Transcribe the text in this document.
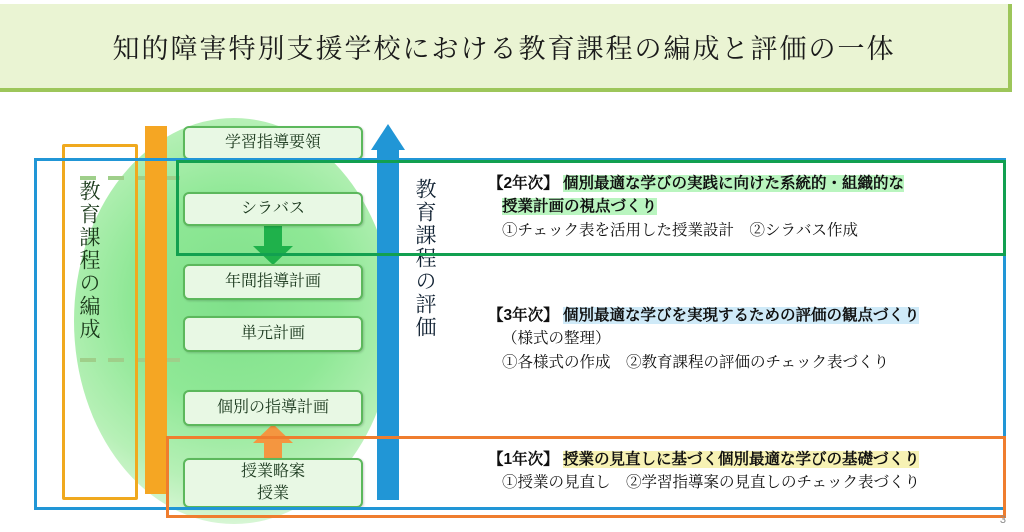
知的障害特別支援学校における教育課程の編成と評価の一体
学習指導要領
シラバス
年間指導計画
単元計画
個別の指導計画
授業略案
授業
教育課程の編成	教育課程の評価	【2年次】 個別最適な学びの実践に向けた系統的・組織的な
授業計画の視点づくり
①チェック表を活用した授業設計　②シラバス作成
【3年次】 個別最適な学びを実現するための評価の観点づくり
（様式の整理）
①各様式の作成　②教育課程の評価のチェック表づくり
【1年次】 授業の見直しに基づく個別最適な学びの基礎づくり
①授業の見直し　②学習指導案の見直しのチェック表づくり
3
